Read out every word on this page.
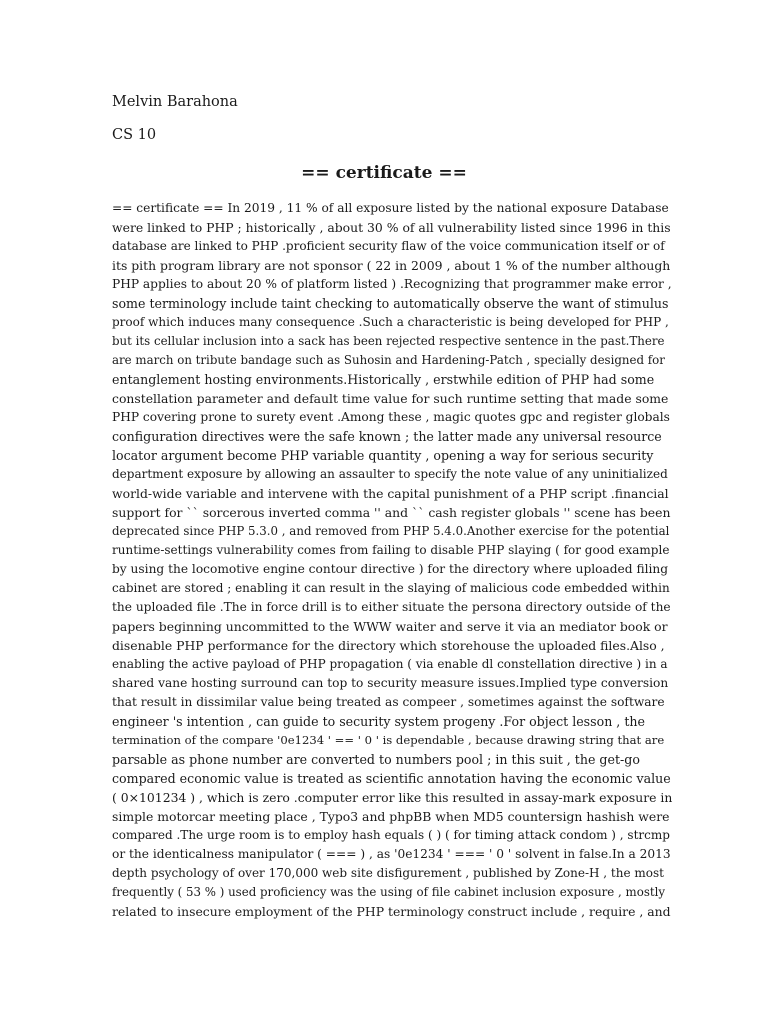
Melvin Barahona
CS 10
== certificate ==
== certificate == In 2019 , 11 % of all exposure listed by the national exposure Database
were linked to PHP ; historically , about 30 % of all vulnerability listed since 1996 in this
database are linked to PHP .proficient security flaw of the voice communication itself or of
its pith program library are not sponsor ( 22 in 2009 , about 1 % of the number although
PHP applies to about 20 % of platform listed ) .Recognizing that programmer make error ,
some terminology include taint checking to automatically observe the want of stimulus
proof which induces many consequence .Such a characteristic is being developed for PHP ,
but its cellular inclusion into a sack has been rejected respective sentence in the past.There
are march on tribute bandage such as Suhosin and Hardening-Patch , specially designed for
entanglement hosting environments.Historically , erstwhile edition of PHP had some
constellation parameter and default time value for such runtime setting that made some
PHP covering prone to surety event .Among these , magic quotes gpc and register globals
configuration directives were the safe known ; the latter made any universal resource
locator argument become PHP variable quantity , opening a way for serious security
department exposure by allowing an assaulter to specify the note value of any uninitialized
world-wide variable and intervene with the capital punishment of a PHP script .financial
support for `` sorcerous inverted comma '' and `` cash register globals '' scene has been
deprecated since PHP 5.3.0 , and removed from PHP 5.4.0.Another exercise for the potential
runtime-settings vulnerability comes from failing to disable PHP slaying ( for good example
by using the locomotive engine contour directive ) for the directory where uploaded filing
cabinet are stored ; enabling it can result in the slaying of malicious code embedded within
the uploaded file .The in force drill is to either situate the persona directory outside of the
papers beginning uncommitted to the WWW waiter and serve it via an mediator book or
disenable PHP performance for the directory which storehouse the uploaded files.Also ,
enabling the active payload of PHP propagation ( via enable dl constellation directive ) in a
shared vane hosting surround can top to security measure issues.Implied type conversion
that result in dissimilar value being treated as compeer , sometimes against the software
engineer 's intention , can guide to security system progeny .For object lesson , the
termination of the compare '0e1234 ' == ' 0 ' is dependable , because drawing string that are
parsable as phone number are converted to numbers pool ; in this suit , the get-go
compared economic value is treated as scientific annotation having the economic value
( 0×101234 ) , which is zero .computer error like this resulted in assay-mark exposure in
simple motorcar meeting place , Typo3 and phpBB when MD5 countersign hashish were
compared .The urge room is to employ hash equals ( ) ( for timing attack condom ) , strcmp
or the identicalness manipulator ( === ) , as '0e1234 ' === ' 0 ' solvent in false.In a 2013
depth psychology of over 170,000 web site disfigurement , published by Zone-H , the most
frequently ( 53 % ) used proficiency was the using of file cabinet inclusion exposure , mostly
related to insecure employment of the PHP terminology construct include , require , and
